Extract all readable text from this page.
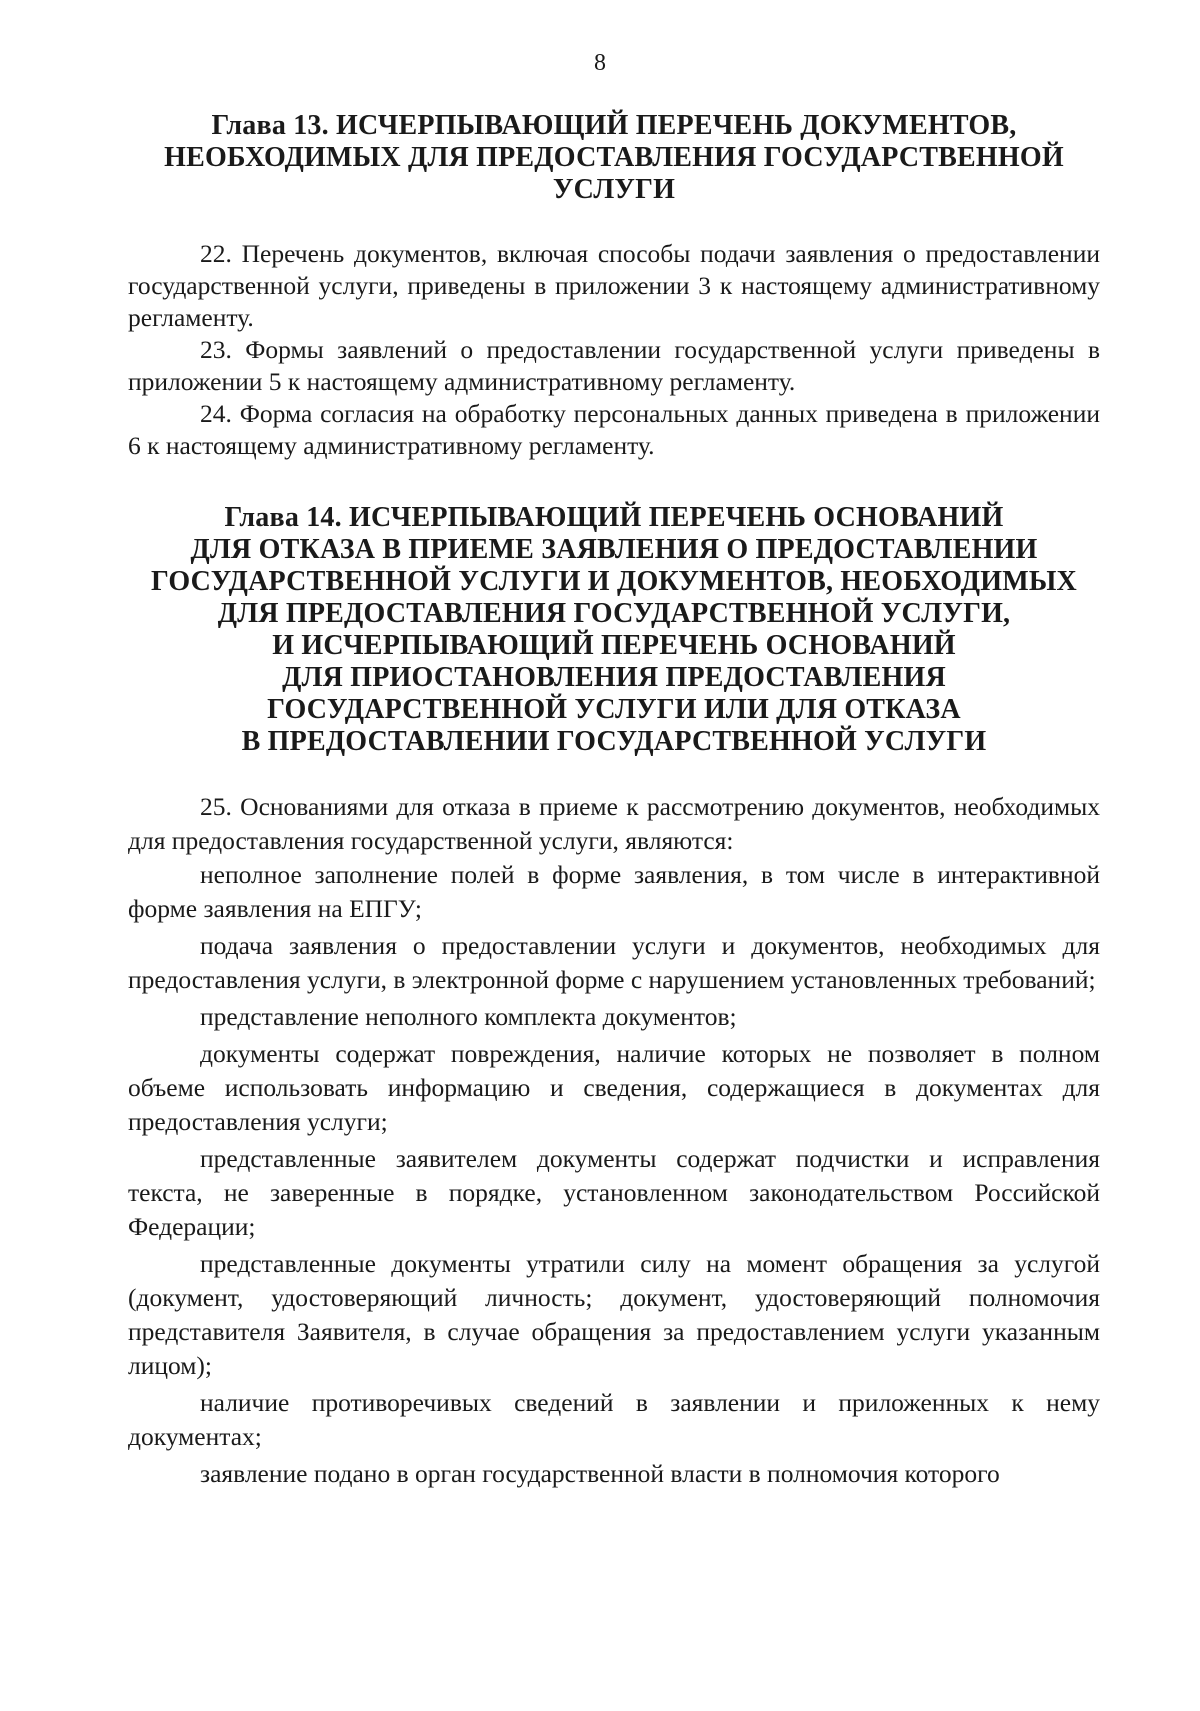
8
Глава 13. ИСЧЕРПЫВАЮЩИЙ ПЕРЕЧЕНЬ ДОКУМЕНТОВ,
НЕОБХОДИМЫХ ДЛЯ ПРЕДОСТАВЛЕНИЯ ГОСУДАРСТВЕННОЙ
УСЛУГИ

22. Перечень документов, включая способы подачи заявления о предоставлении государственной услуги, приведены в приложении 3 к настоящему административному регламенту.

23. Формы заявлений о предоставлении государственной услуги приведены в приложении 5 к настоящему административному регламенту.

24. Форма согласия на обработку персональных данных приведена в приложении 6 к настоящему административному регламенту.

Глава 14. ИСЧЕРПЫВАЮЩИЙ ПЕРЕЧЕНЬ ОСНОВАНИЙ
ДЛЯ ОТКАЗА В ПРИЕМЕ ЗАЯВЛЕНИЯ О ПРЕДОСТАВЛЕНИИ
ГОСУДАРСТВЕННОЙ УСЛУГИ И ДОКУМЕНТОВ, НЕОБХОДИМЫХ
ДЛЯ ПРЕДОСТАВЛЕНИЯ ГОСУДАРСТВЕННОЙ УСЛУГИ,
И ИСЧЕРПЫВАЮЩИЙ ПЕРЕЧЕНЬ ОСНОВАНИЙ
ДЛЯ ПРИОСТАНОВЛЕНИЯ ПРЕДОСТАВЛЕНИЯ
ГОСУДАРСТВЕННОЙ УСЛУГИ ИЛИ ДЛЯ ОТКАЗА
В ПРЕДОСТАВЛЕНИИ ГОСУДАРСТВЕННОЙ УСЛУГИ

25. Основаниями для отказа в приеме к рассмотрению документов, необходимых для предоставления государственной услуги, являются:

неполное заполнение полей в форме заявления, в том числе в интерактивной форме заявления на ЕПГУ;

подача заявления о предоставлении услуги и документов, необходимых для предоставления услуги, в электронной форме с нарушением установленных требований;

представление неполного комплекта документов;

документы содержат повреждения, наличие которых не позволяет в полном объеме использовать информацию и сведения, содержащиеся в документах для предоставления услуги;

представленные заявителем документы содержат подчистки и исправления текста, не заверенные в порядке, установленном законодательством Российской Федерации;

представленные документы утратили силу на момент обращения за услугой (документ, удостоверяющий личность; документ, удостоверяющий полномочия представителя Заявителя, в случае обращения за предоставлением услуги указанным лицом);

наличие противоречивых сведений в заявлении и приложенных к нему документах;

заявление подано в орган государственной власти в полномочия которого
